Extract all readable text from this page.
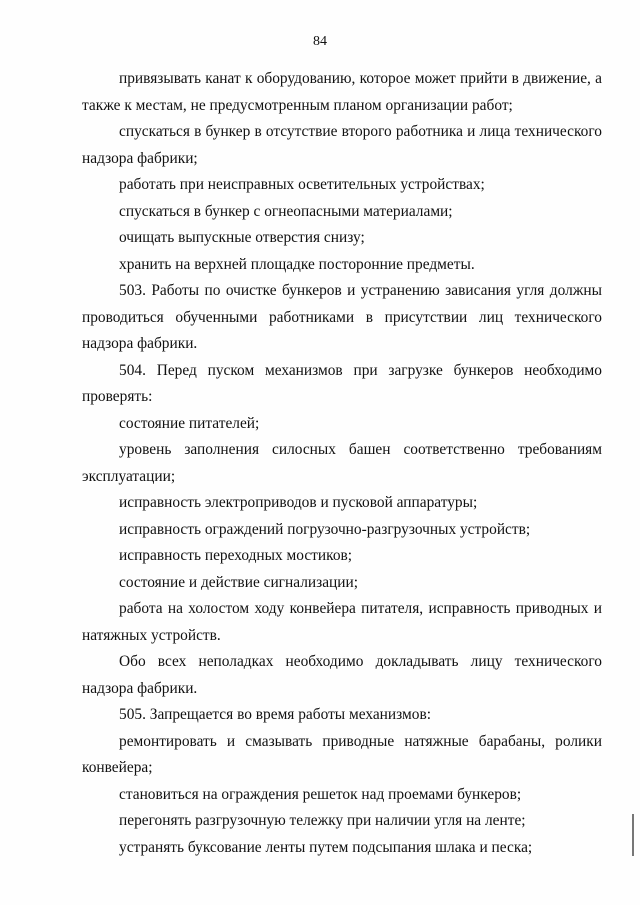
84

привязывать канат к оборудованию, которое может прийти в движение, а также к местам, не предусмотренным планом организации работ;

спускаться в бункер в отсутствие второго работника и лица технического надзора фабрики;

работать при неисправных осветительных устройствах;

спускаться в бункер с огнеопасными материалами;

очищать выпускные отверстия снизу;

хранить на верхней площадке посторонние предметы.

503. Работы по очистке бункеров и устранению зависания угля должны проводиться обученными работниками в присутствии лиц технического надзора фабрики.

504. Перед пуском механизмов при загрузке бункеров необходимо проверять:

состояние питателей;

уровень заполнения силосных башен соответственно требованиям эксплуатации;

исправность электроприводов и пусковой аппаратуры;

исправность ограждений погрузочно-разгрузочных устройств;

исправность переходных мостиков;

состояние и действие сигнализации;

работа на холостом ходу конвейера питателя, исправность приводных и натяжных устройств.

Обо всех неполадках необходимо докладывать лицу технического надзора фабрики.

505. Запрещается во время работы механизмов:

ремонтировать и смазывать приводные натяжные барабаны, ролики конвейера;

становиться на ограждения решеток над проемами бункеров;

перегонять разгрузочную тележку при наличии угля на ленте;

устранять буксование ленты путем подсыпания шлака и песка;
